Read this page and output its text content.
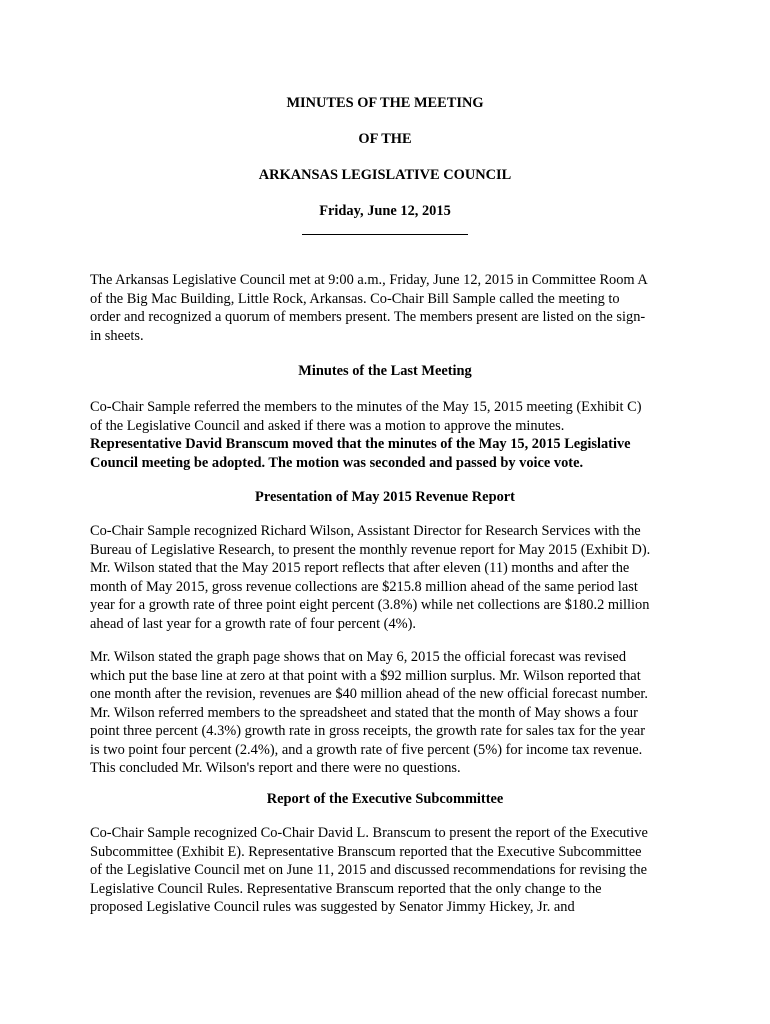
MINUTES OF THE MEETING

OF THE

ARKANSAS LEGISLATIVE COUNCIL

Friday, June 12, 2015

The Arkansas Legislative Council met at 9:00 a.m., Friday, June 12, 2015 in Committee Room A
of the Big Mac Building, Little Rock, Arkansas. Co-Chair Bill Sample called the meeting to
order and recognized a quorum of members present. The members present are listed on the sign-
in sheets.

Minutes of the Last Meeting

Co-Chair Sample referred the members to the minutes of the May 15, 2015 meeting (Exhibit C)
of the Legislative Council and asked if there was a motion to approve the minutes.
Representative David Branscum moved that the minutes of the May 15, 2015 Legislative
Council meeting be adopted. The motion was seconded and passed by voice vote.

Presentation of May 2015 Revenue Report

Co-Chair Sample recognized Richard Wilson, Assistant Director for Research Services with the
Bureau of Legislative Research, to present the monthly revenue report for May 2015 (Exhibit D).
Mr. Wilson stated that the May 2015 report reflects that after eleven (11) months and after the
month of May 2015, gross revenue collections are $215.8 million ahead of the same period last
year for a growth rate of three point eight percent (3.8%) while net collections are $180.2 million
ahead of last year for a growth rate of four percent (4%).
Mr. Wilson stated the graph page shows that on May 6, 2015 the official forecast was revised
which put the base line at zero at that point with a $92 million surplus. Mr. Wilson reported that
one month after the revision, revenues are $40 million ahead of the new official forecast number.
Mr. Wilson referred members to the spreadsheet and stated that the month of May shows a four
point three percent (4.3%) growth rate in gross receipts, the growth rate for sales tax for the year
is two point four percent (2.4%), and a growth rate of five percent (5%) for income tax revenue.
This concluded Mr. Wilson's report and there were no questions.

Report of the Executive Subcommittee

Co-Chair Sample recognized Co-Chair David L. Branscum to present the report of the Executive
Subcommittee (Exhibit E). Representative Branscum reported that the Executive Subcommittee
of the Legislative Council met on June 11, 2015 and discussed recommendations for revising the
Legislative Council Rules. Representative Branscum reported that the only change to the
proposed Legislative Council rules was suggested by Senator Jimmy Hickey, Jr. and
